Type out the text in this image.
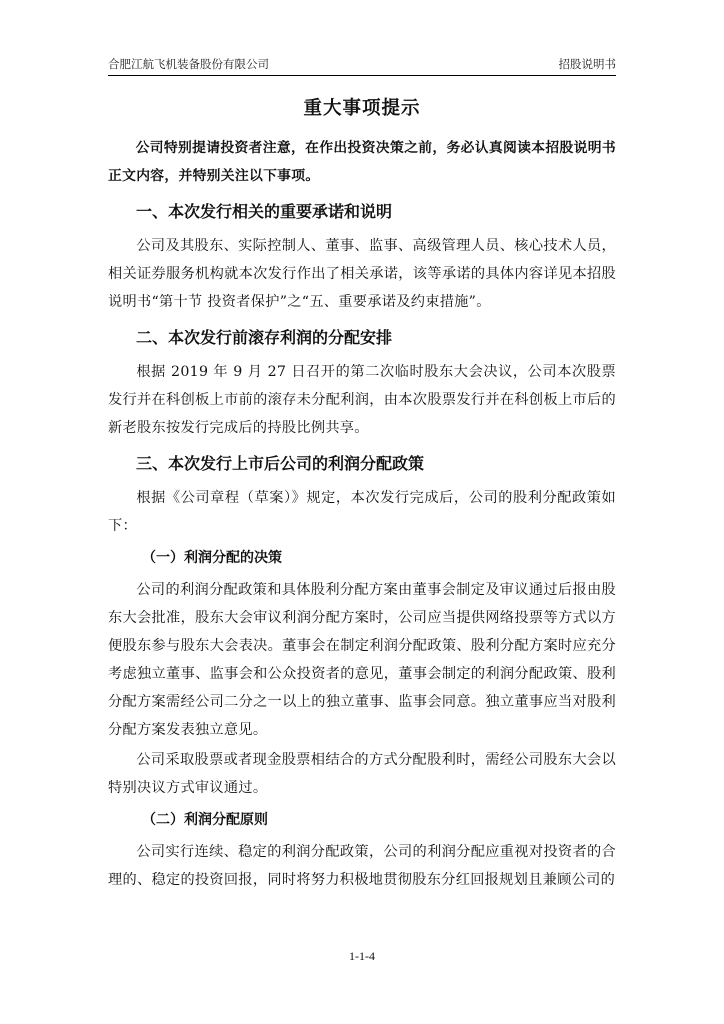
合肥江航飞机装备股份有限公司	招股说明书
重大事项提示

公司特别提请投资者注意，在作出投资决策之前，务必认真阅读本招股说明书正文内容，并特别关注以下事项。

一、本次发行相关的重要承诺和说明

公司及其股东、实际控制人、董事、监事、高级管理人员、核心技术人员，相关证券服务机构就本次发行作出了相关承诺，该等承诺的具体内容详见本招股说明书“第十节 投资者保护”之“五、重要承诺及约束措施”。

二、本次发行前滚存利润的分配安排

根据 2019 年 9 月 27 日召开的第二次临时股东大会决议，公司本次股票发行并在科创板上市前的滚存未分配利润，由本次股票发行并在科创板上市后的新老股东按发行完成后的持股比例共享。

三、本次发行上市后公司的利润分配政策

根据《公司章程（草案）》规定，本次发行完成后，公司的股利分配政策如下：

（一）利润分配的决策

公司的利润分配政策和具体股利分配方案由董事会制定及审议通过后报由股东大会批准，股东大会审议利润分配方案时，公司应当提供网络投票等方式以方便股东参与股东大会表决。董事会在制定利润分配政策、股利分配方案时应充分考虑独立董事、监事会和公众投资者的意见，董事会制定的利润分配政策、股利分配方案需经公司二分之一以上的独立董事、监事会同意。独立董事应当对股利分配方案发表独立意见。

公司采取股票或者现金股票相结合的方式分配股利时，需经公司股东大会以特别决议方式审议通过。

（二）利润分配原则

公司实行连续、稳定的利润分配政策，公司的利润分配应重视对投资者的合理的、稳定的投资回报，同时将努力积极地贯彻股东分红回报规划且兼顾公司的

1-1-4
